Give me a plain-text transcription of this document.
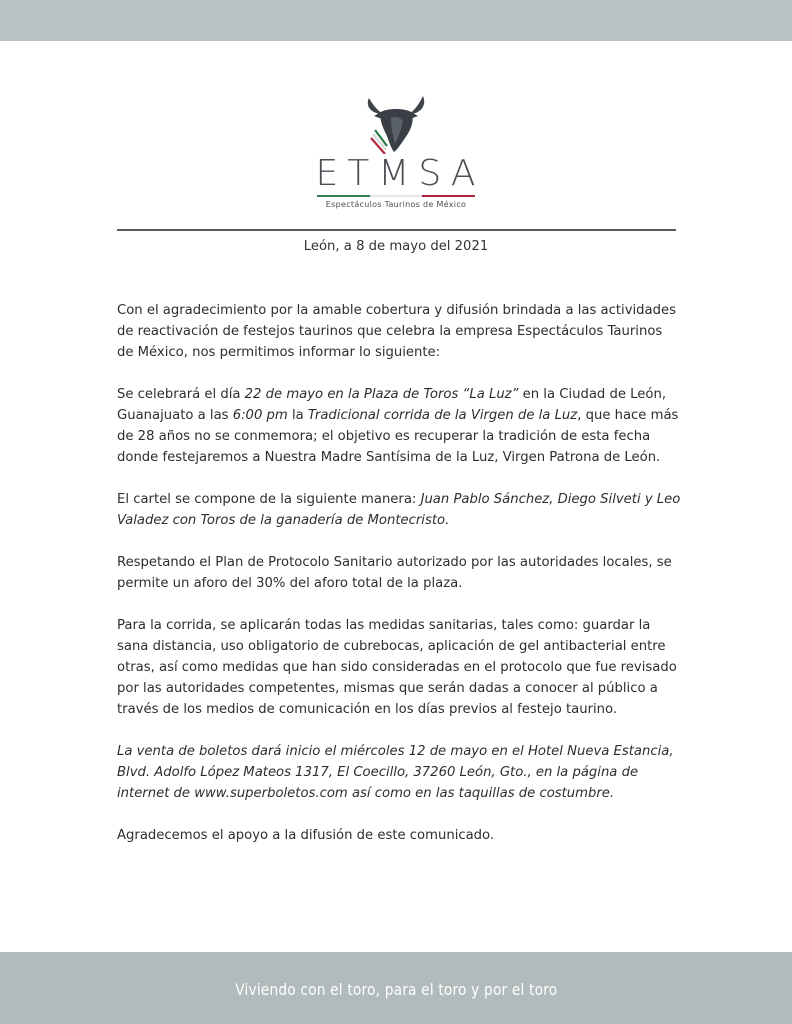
ETMSA
Espectáculos Taurinos de México
León, a 8 de mayo del 2021

Con el agradecimiento por la amable cobertura y difusión brindada a las actividades de reactivación de festejos taurinos que celebra la empresa Espectáculos Taurinos de México, nos permitimos informar lo siguiente:

Se celebrará el día 22 de mayo en la Plaza de Toros “La Luz” en la Ciudad de León, Guanajuato a las 6:00 pm la Tradicional corrida de la Virgen de la Luz, que hace más de 28 años no se conmemora; el objetivo es recuperar la tradición de esta fecha donde festejaremos a Nuestra Madre Santísima de la Luz, Virgen Patrona de León.

El cartel se compone de la siguiente manera: Juan Pablo Sánchez, Diego Silveti y Leo Valadez con Toros de la ganadería de Montecristo.

Respetando el Plan de Protocolo Sanitario autorizado por las autoridades locales, se permite un aforo del 30% del aforo total de la plaza.

Para la corrida, se aplicarán todas las medidas sanitarias, tales como: guardar la sana distancia, uso obligatorio de cubrebocas, aplicación de gel antibacterial entre otras, así como medidas que han sido consideradas en el protocolo que fue revisado por las autoridades competentes, mismas que serán dadas a conocer al público a través de los medios de comunicación en los días previos al festejo taurino.

La venta de boletos dará inicio el miércoles 12 de mayo en el Hotel Nueva Estancia, Blvd. Adolfo López Mateos 1317, El Coecillo, 37260 León, Gto., en la página de internet de www.superboletos.com así como en las taquillas de costumbre.

Agradecemos el apoyo a la difusión de este comunicado.

Viviendo con el toro, para el toro y por el toro
